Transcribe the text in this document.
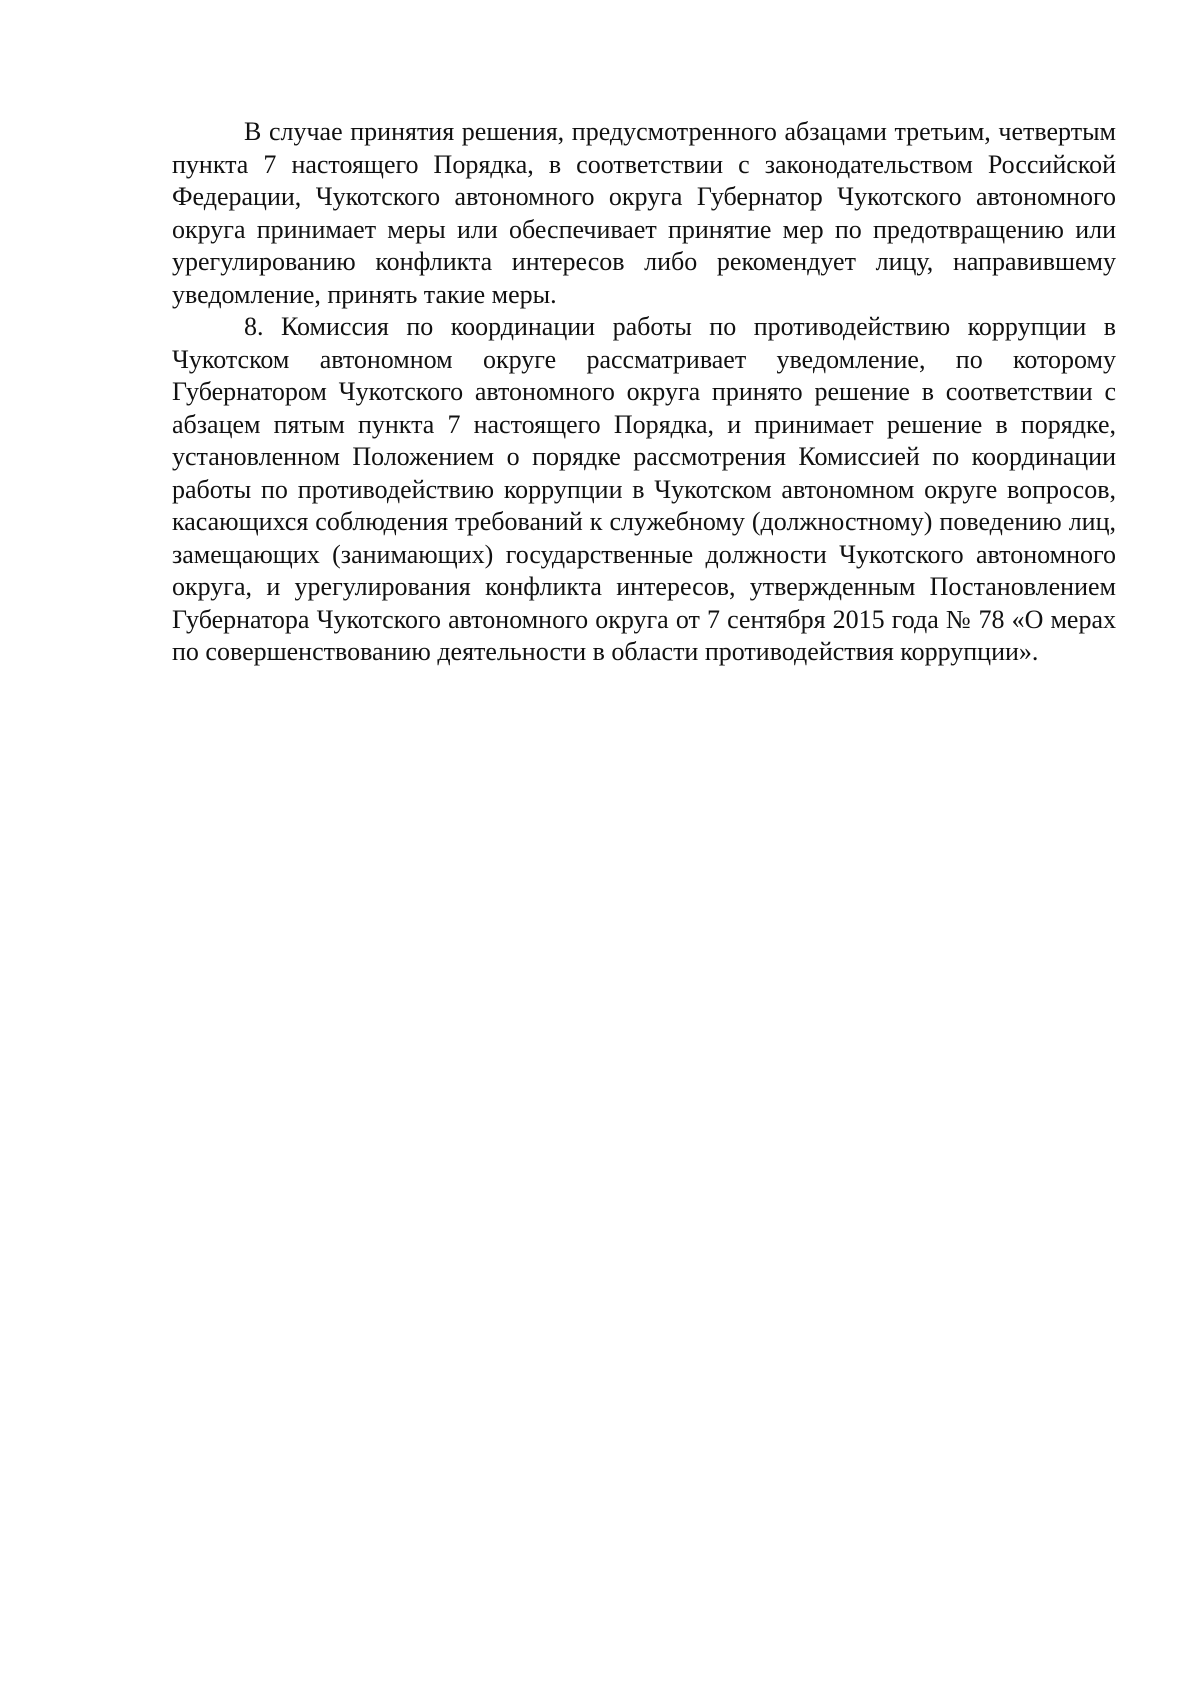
В случае принятия решения, предусмотренного абзацами третьим, четвертым пункта 7 настоящего Порядка, в соответствии с законодательством Российской Федерации, Чукотского автономного округа Губернатор Чукотского автономного округа принимает меры или обеспечивает принятие мер по предотвращению или урегулированию конфликта интересов либо рекомендует лицу, направившему уведомление, принять такие меры.

8. Комиссия по координации работы по противодействию коррупции в Чукотском автономном округе рассматривает уведомление, по которому Губернатором Чукотского автономного округа принято решение в соответствии с абзацем пятым пункта 7 настоящего Порядка, и принимает решение в порядке, установленном Положением о порядке рассмотрения Комиссией по координации работы по противодействию коррупции в Чукотском автономном округе вопросов, касающихся соблюдения требований к служебному (должностному) поведению лиц, замещающих (занимающих) государственные должности Чукотского автономного округа, и урегулирования конфликта интересов, утвержденным Постановлением Губернатора Чукотского автономного округа от 7 сентября 2015 года № 78 «О мерах по совершенствованию деятельности в области противодействия коррупции».
